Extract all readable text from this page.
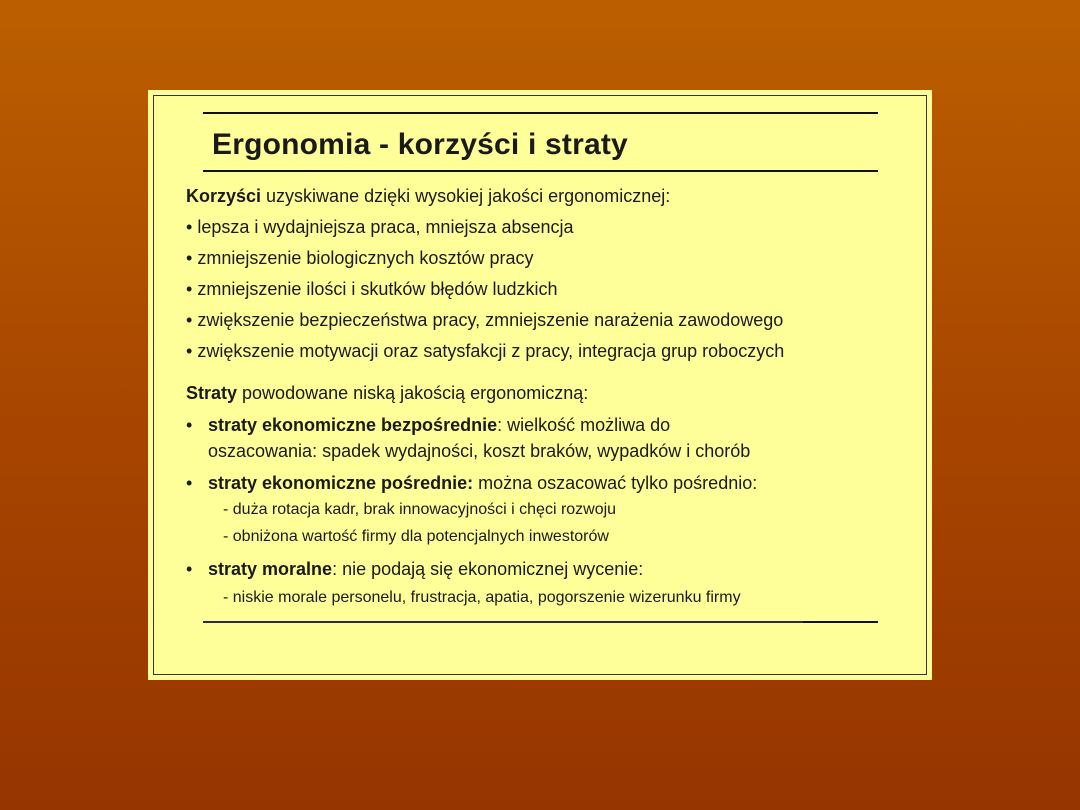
Ergonomia - korzyści i straty
Korzyści uzyskiwane dzięki wysokiej jakości ergonomicznej:
• lepsza i wydajniejsza praca, mniejsza absencja
• zmniejszenie biologicznych kosztów pracy
• zmniejszenie ilości i skutków błędów ludzkich
• zwiększenie bezpieczeństwa pracy, zmniejszenie narażenia zawodowego
• zwiększenie motywacji oraz satysfakcji z pracy, integracja grup roboczych
Straty powodowane niską jakością ergonomiczną:
• straty ekonomiczne bezpośrednie: wielkość możliwa do
oszacowania: spadek wydajności, koszt braków, wypadków i chorób
• straty ekonomiczne pośrednie: można oszacować tylko pośrednio:
- duża rotacja kadr, brak innowacyjności i chęci rozwoju
- obniżona wartość firmy dla potencjalnych inwestorów
• straty moralne: nie podają się ekonomicznej wycenie:
- niskie morale personelu, frustracja, apatia, pogorszenie wizerunku firmy
